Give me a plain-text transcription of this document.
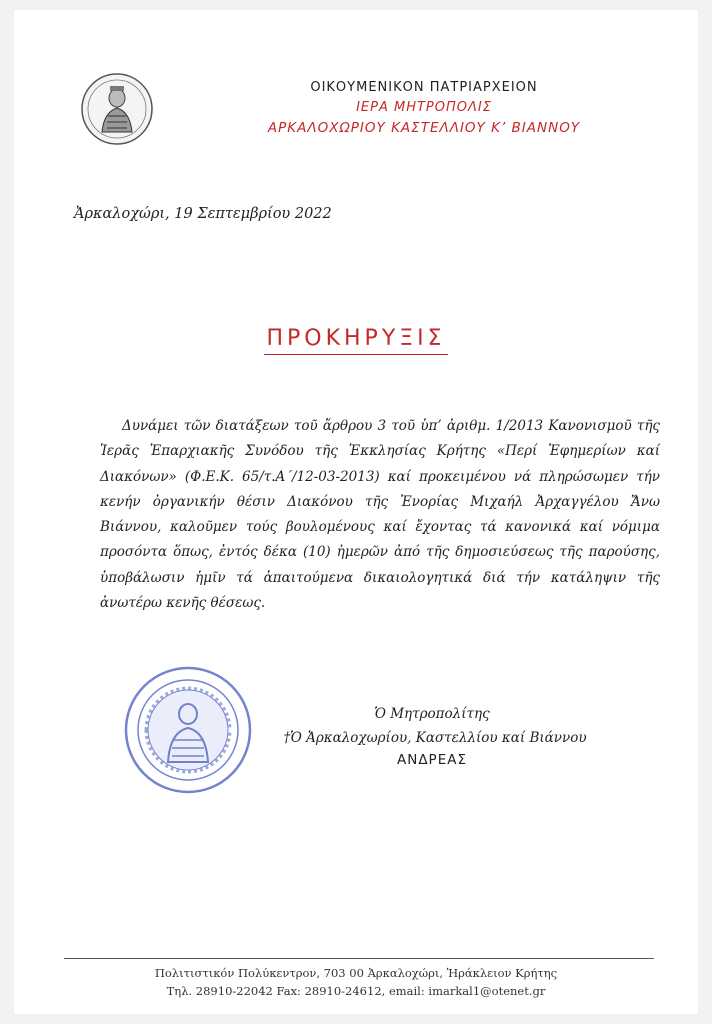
ΟΙΚΟΥΜΕΝΙΚΟΝ ΠΑΤΡΙΑΡΧΕΙΟΝ
ΙΕΡΑ ΜΗΤΡΟΠΟΛΙΣ
ΑΡΚΑΛΟΧΩΡΙΟΥ ΚΑΣΤΕΛΛΙΟΥ Κ’ ΒΙΑΝΝΟΥ
Ἀρκαλοχώρι, 19 Σεπτεμβρίου 2022
ΠΡΟΚΗΡΥΞΙΣ

Δυνάμει τῶν διατάξεων τοῦ ἄρθρου 3 τοῦ ὑπ’ ἀριθμ. 1/2013 Κανονισμοῦ τῆς Ἱερᾶς Ἐπαρχιακῆς Συνόδου τῆς Ἐκκλησίας Κρήτης «Περί Ἐφημερίων καί Διακόνων» (Φ.Ε.Κ. 65/τ.Α΄/12-03-2013) καί προκειμένου νά πληρώσωμεν τήν κενήν ὀργανικήν θέσιν Διακόνου τῆς Ἐνορίας Μιχαήλ Ἀρχαγγέλου Ἄνω Βιάννου, καλοῦμεν τούς βουλομένους καί ἔχοντας τά κανονικά καί νόμιμα προσόντα ὅπως, ἐντός δέκα (10) ἡμερῶν ἀπό τῆς δημοσιεύσεως τῆς παρούσης, ὑποβάλωσιν ἡμῖν τά ἀπαιτούμενα δικαιολογητικά διά τήν κατάληψιν τῆς ἀνωτέρω κενῆς θέσεως.

Ὁ Μητροπολίτης
†Ὁ Ἀρκαλοχωρίου, Καστελλίου καί Βιάννου
ΑΝΔΡΕΑΣ
Πολιτιστικόν Πολύκεντρον, 703 00 Ἀρκαλοχώρι, Ἡράκλειον Κρήτης
Τηλ. 28910-22042 Fax: 28910-24612, email: imarkal1@otenet.gr
